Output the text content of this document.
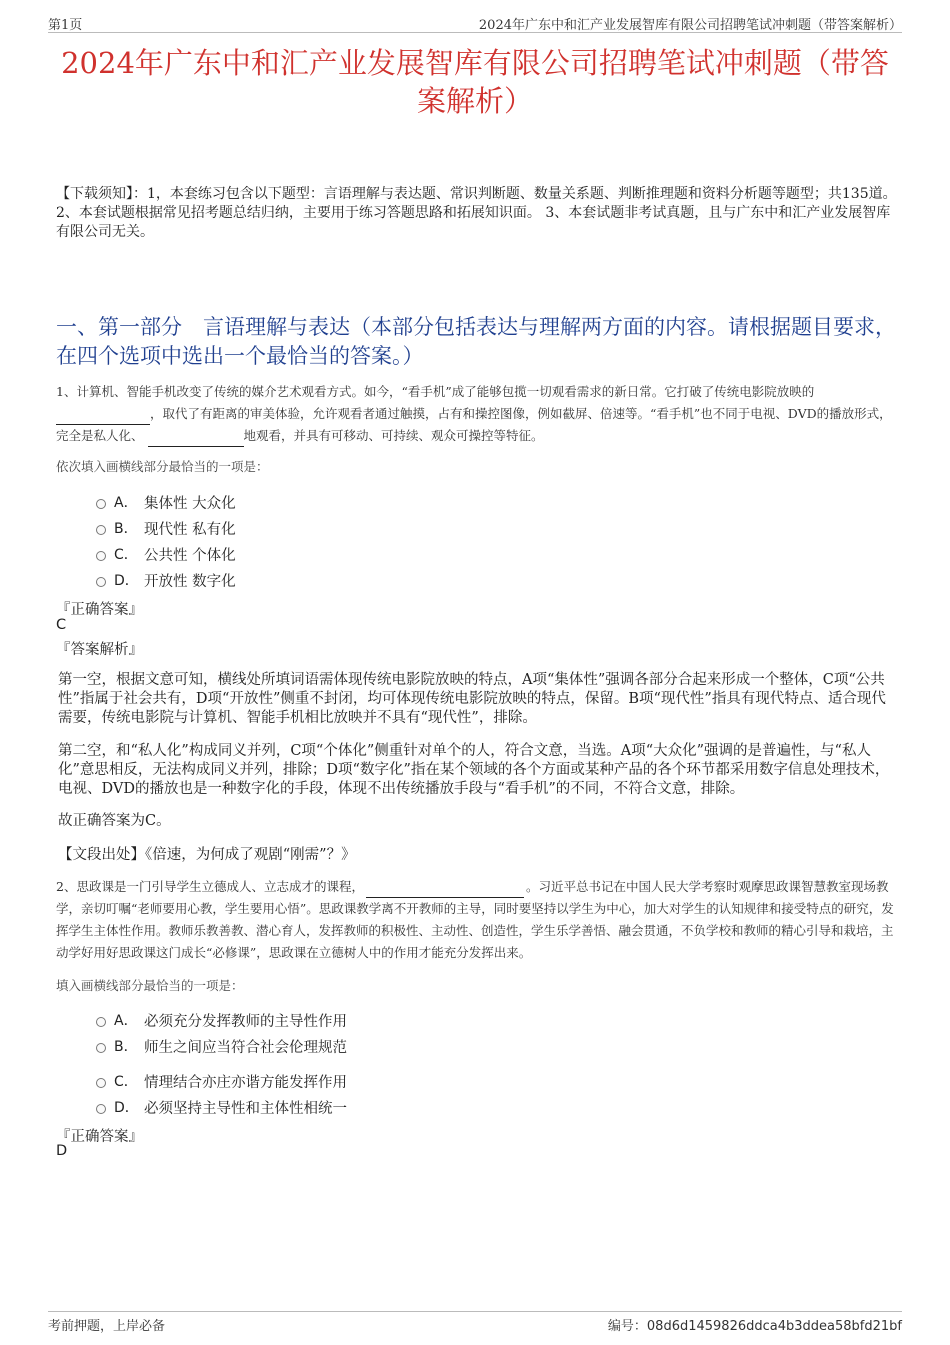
第1页	2024年广东中和汇产业发展智库有限公司招聘笔试冲刺题（带答案解析）
2024年广东中和汇产业发展智库有限公司招聘笔试冲刺题（带答案解析）
【下载须知】：1，本套练习包含以下题型：言语理解与表达题、常识判断题、数量关系题、判断推理题和资料分析题等题型；共135道。 2、本套试题根据常见招考题总结归纳，主要用于练习答题思路和拓展知识面。 3、本套试题非考试真题，且与广东中和汇产业发展智库有限公司无关。
一、第一部分　言语理解与表达（本部分包括表达与理解两方面的内容。请根据题目要求，在四个选项中选出一个最恰当的答案。）
1、计算机、智能手机改变了传统的媒介艺术观看方式。如今，“看手机”成了能够包揽一切观看需求的新日常。它打破了传统电影院放映的
，取代了有距离的审美体验，允许观看者通过触摸，占有和操控图像，例如截屏、倍速等。“看手机”也不同于电视、DVD的播放形式，完全是私人化、	地观看，并具有可移动、可持续、观众可操控等特征。
依次填入画横线部分最恰当的一项是：
A． 集体性 大众化
B． 现代性 私有化
C． 公共性 个体化
D． 开放性 数字化
『正确答案』
C
『答案解析』
第一空，根据文意可知，横线处所填词语需体现传统电影院放映的特点，A项“集体性”强调各部分合起来形成一个整体，C项“公共性”指属于社会共有，D项“开放性”侧重不封闭，均可体现传统电影院放映的特点，保留。B项“现代性”指具有现代特点、适合现代需要，传统电影院与计算机、智能手机相比放映并不具有“现代性”，排除。
第二空，和“私人化”构成同义并列，C项“个体化”侧重针对单个的人，符合文意，当选。A项“大众化”强调的是普遍性，与“私人化”意思相反，无法构成同义并列，排除；D项“数字化”指在某个领域的各个方面或某种产品的各个环节都采用数字信息处理技术，电视、DVD的播放也是一种数字化的手段，体现不出传统播放手段与“看手机”的不同，不符合文意，排除。
故正确答案为C。
【文段出处】《倍速，为何成了观剧“刚需”？》
2、思政课是一门引导学生立德成人、立志成才的课程，	。习近平总书记在中国人民大学考察时观摩思政课智慧教室现场教学，亲切叮嘱“老师要用心教，学生要用心悟”。思政课教学离不开教师的主导，同时要坚持以学生为中心，加大对学生的认知规律和接受特点的研究，发挥学生主体性作用。教师乐教善教、潜心育人，发挥教师的积极性、主动性、创造性，学生乐学善悟、融会贯通，不负学校和教师的精心引导和栽培，主动学好用好思政课这门成长“必修课”，思政课在立德树人中的作用才能充分发挥出来。
填入画横线部分最恰当的一项是：
A． 必须充分发挥教师的主导性作用
B． 师生之间应当符合社会伦理规范
C． 情理结合亦庄亦谐方能发挥作用
D． 必须坚持主导性和主体性相统一
『正确答案』
D
考前押题，上岸必备	编号：08d6d1459826ddca4b3ddea58bfd21bf
